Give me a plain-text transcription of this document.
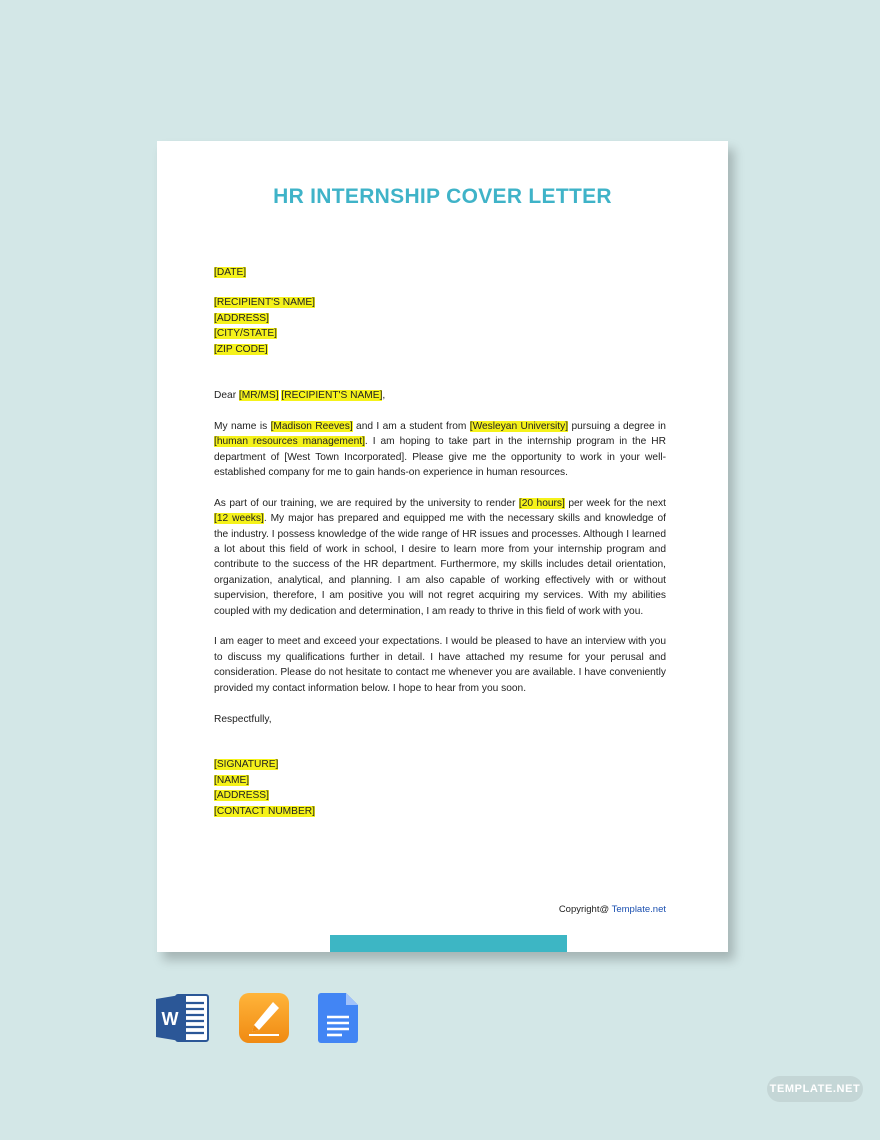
HR INTERNSHIP COVER LETTER
[DATE]
[RECIPIENT'S NAME]
[ADDRESS]
[CITY/STATE]
[ZIP CODE]

Dear [MR/MS] [RECIPIENT'S NAME],

My name is [Madison Reeves] and I am a student from [Wesleyan University] pursuing a degree in [human resources management]. I am hoping to take part in the internship program in the HR department of [West Town Incorporated]. Please give me the opportunity to work in your well-established company for me to gain hands-on experience in human resources.

As part of our training, we are required by the university to render [20 hours] per week for the next [12 weeks]. My major has prepared and equipped me with the necessary skills and knowledge of the industry. I possess knowledge of the wide range of HR issues and processes. Although I learned a lot about this field of work in school, I desire to learn more from your internship program and contribute to the success of the HR department. Furthermore, my skills includes detail orientation, organization, analytical, and planning. I am also capable of working effectively with or without supervision, therefore, I am positive you will not regret acquiring my services. With my abilities coupled with my dedication and determination, I am ready to thrive in this field of work with you.

I am eager to meet and exceed your expectations. I would be pleased to have an interview with you to discuss my qualifications further in detail. I have attached my resume for your perusal and consideration. Please do not hesitate to contact me whenever you are available. I have conveniently provided my contact information below. I hope to hear from you soon.

Respectfully,

[SIGNATURE]
[NAME]
[ADDRESS]
[CONTACT NUMBER]
Copyright@ Template.net
W
TEMPLATE.NET
